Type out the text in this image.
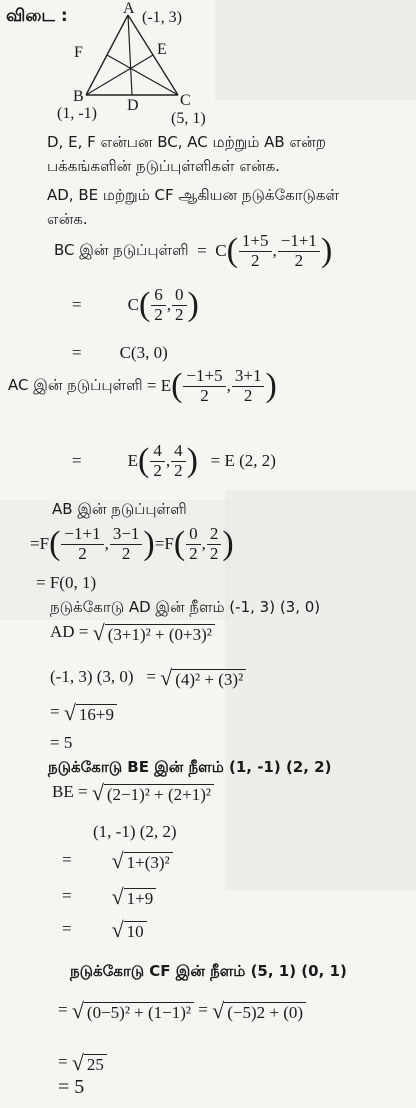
விடை :	A
(-1, 3)
F	E
B
(1, -1) D	C
(5, 1)
D, E, F என்பன BC, AC மற்றும் AB என்ற
பக்கங்களின் நடுப்புள்ளிகள் என்க.
AD, BE மற்றும் CF ஆகியன நடுக்கோடுகள்
என்க.
BC இன் நடுப்புள்ளி
=
C ( $\frac{1+5}{2}$ , $\frac{-1+1}{2}$ )
=	C ( $\frac{6}{2}$ , $\frac{0}{2}$ )
= C(3, 0)
AC இன் நடுப்புள்ளி
=
E ( $\frac{-1+5}{2}$ , $\frac{3+1}{2}$ )
=	E ( $\frac{4}{2}$ , $\frac{4}{2}$ )
= E (2, 2)
AB இன் நடுப்புள்ளி
= F ( $\frac{-1+1}{2}$ , $\frac{3-1}{2}$ ) = F ( $\frac{0}{2}$ , $\frac{2}{2}$ )
= F(0, 1)
நடுக்கோடு AD இன் நீளம் (-1, 3) (3, 0)
AD = √ (3+1)² + (0+3)²
(-1, 3) (3, 0) = √ (4)² + (3)²
= √ 16+9
= 5
நடுக்கோடு BE இன் நீளம் (1, -1) (2, 2)
BE = √ (2−1)² + (2+1)²
(1, -1) (2, 2)
= √ 1+(3)²
= √ 1+9
= √ 10
நடுக்கோடு CF இன் நீளம் (5, 1) (0, 1)
= √ (0−5)² + (1−1)² = √ (−5)2 + (0)
= √ 25
= 5
